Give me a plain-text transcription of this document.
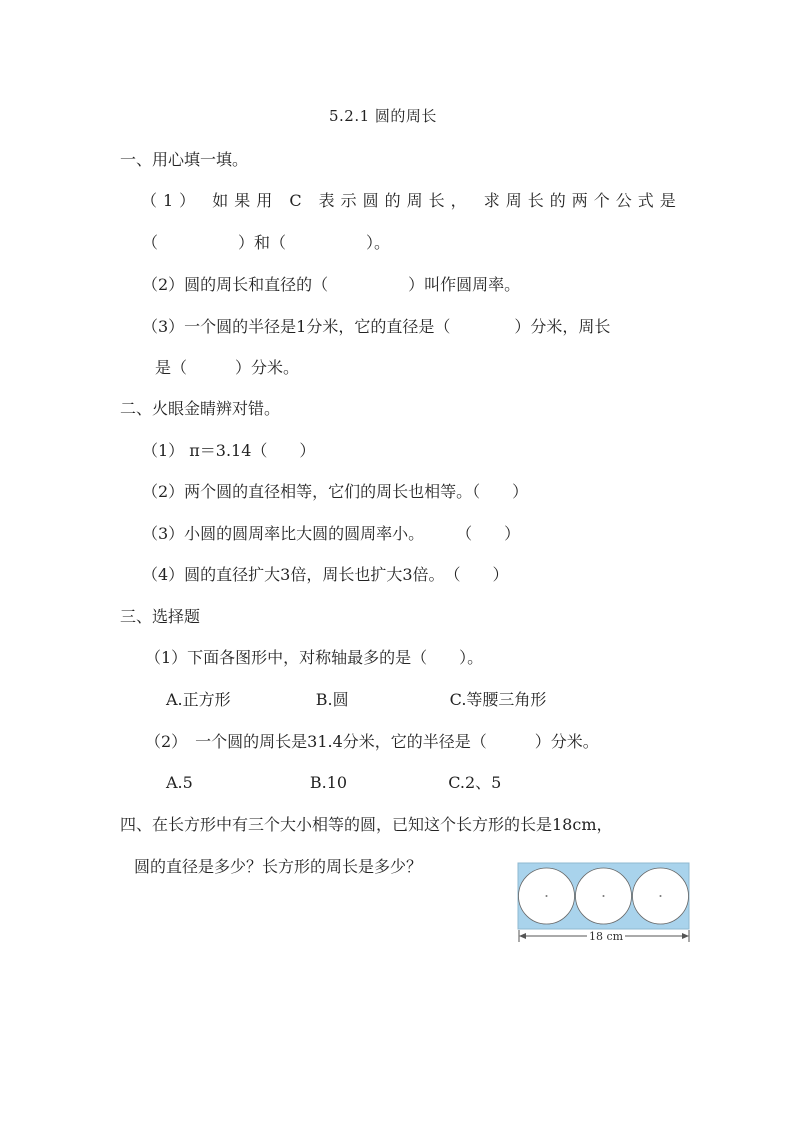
5.2.1 圆的周长

一、用心填一填。

（1） 如果用 C 表示圆的周长， 求周长的两个公式是

（　　　　　）和（　　　　　）。

（2）圆的周长和直径的（　　　　　）叫作圆周率。

（3）一个圆的半径是1分米，它的直径是（　　　　）分米，周长

是（　　　）分米。

二、火眼金睛辨对错。

（1） π＝3.14（　　）

（2）两个圆的直径相等，它们的周长也相等。（　　）

（3）小圆的圆周率比大圆的圆周率小。　　　（　　）

（4）圆的直径扩大3倍，周长也扩大3倍。　（　　）

三、选择题

（1）下面各图形中，对称轴最多的是（　　）。

A.正方形　　　　　 B.圆　　　　　　 C.等腰三角形

（2）　一个圆的周长是31.4分米，它的半径是（　　　）分米。

A.5　　　　　　　 B.10　　　　　　 C.2、5

四、在长方形中有三个大小相等的圆，已知这个长方形的长是18cm，

圆的直径是多少？长方形的周长是多少？

18 cm
